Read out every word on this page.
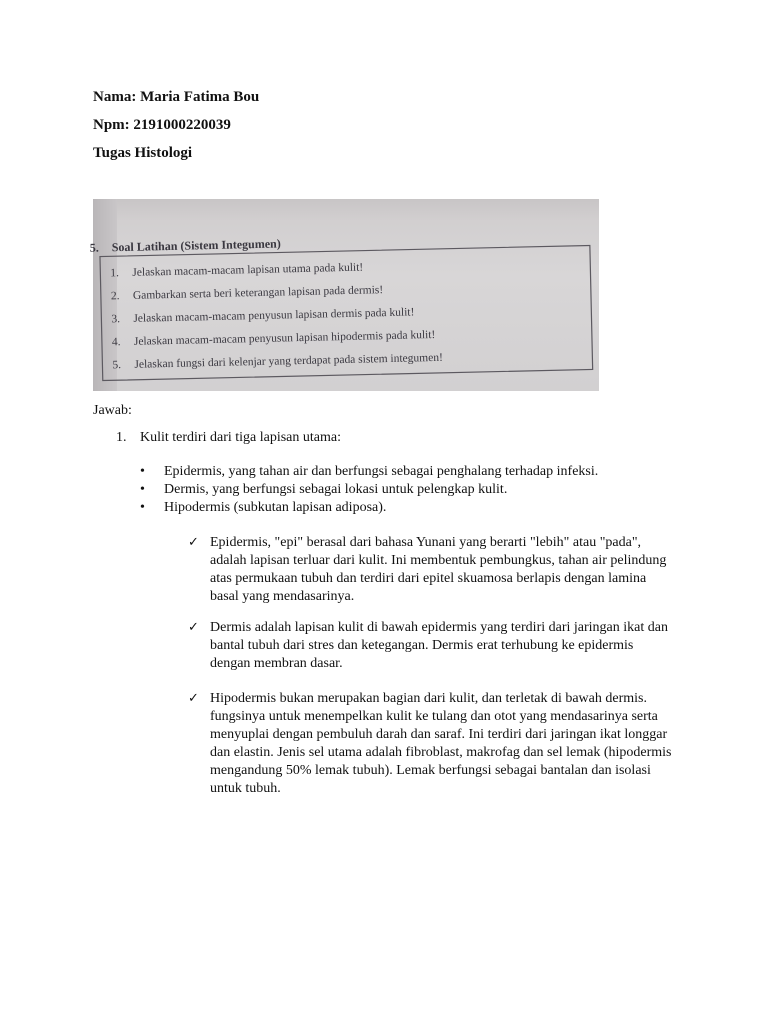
Nama: Maria Fatima Bou
Npm: 2191000220039
Tugas Histologi
5. Soal Latihan (Sistem Integumen)
1. Jelaskan macam-macam lapisan utama pada kulit!
2. Gambarkan serta beri keterangan lapisan pada dermis!
3. Jelaskan macam-macam penyusun lapisan dermis pada kulit!
4. Jelaskan macam-macam penyusun lapisan hipodermis pada kulit!
5. Jelaskan fungsi dari kelenjar yang terdapat pada sistem integumen!
Jawab:
1. Kulit terdiri dari tiga lapisan utama:
• Epidermis, yang tahan air dan berfungsi sebagai penghalang terhadap infeksi.
• Dermis, yang berfungsi sebagai lokasi untuk pelengkap kulit.
• Hipodermis (subkutan lapisan adiposa).
✓ Epidermis, "epi" berasal dari bahasa Yunani yang berarti "lebih" atau "pada", adalah lapisan terluar dari kulit. Ini membentuk pembungkus, tahan air pelindung atas permukaan tubuh dan terdiri dari epitel skuamosa berlapis dengan lamina basal yang mendasarinya.
✓ Dermis adalah lapisan kulit di bawah epidermis yang terdiri dari jaringan ikat dan bantal tubuh dari stres dan ketegangan. Dermis erat terhubung ke epidermis dengan membran dasar.
✓ Hipodermis bukan merupakan bagian dari kulit, dan terletak di bawah dermis. fungsinya untuk menempelkan kulit ke tulang dan otot yang mendasarinya serta menyuplai dengan pembuluh darah dan saraf. Ini terdiri dari jaringan ikat longgar dan elastin. Jenis sel utama adalah fibroblast, makrofag dan sel lemak (hipodermis mengandung 50% lemak tubuh). Lemak berfungsi sebagai bantalan dan isolasi untuk tubuh.
